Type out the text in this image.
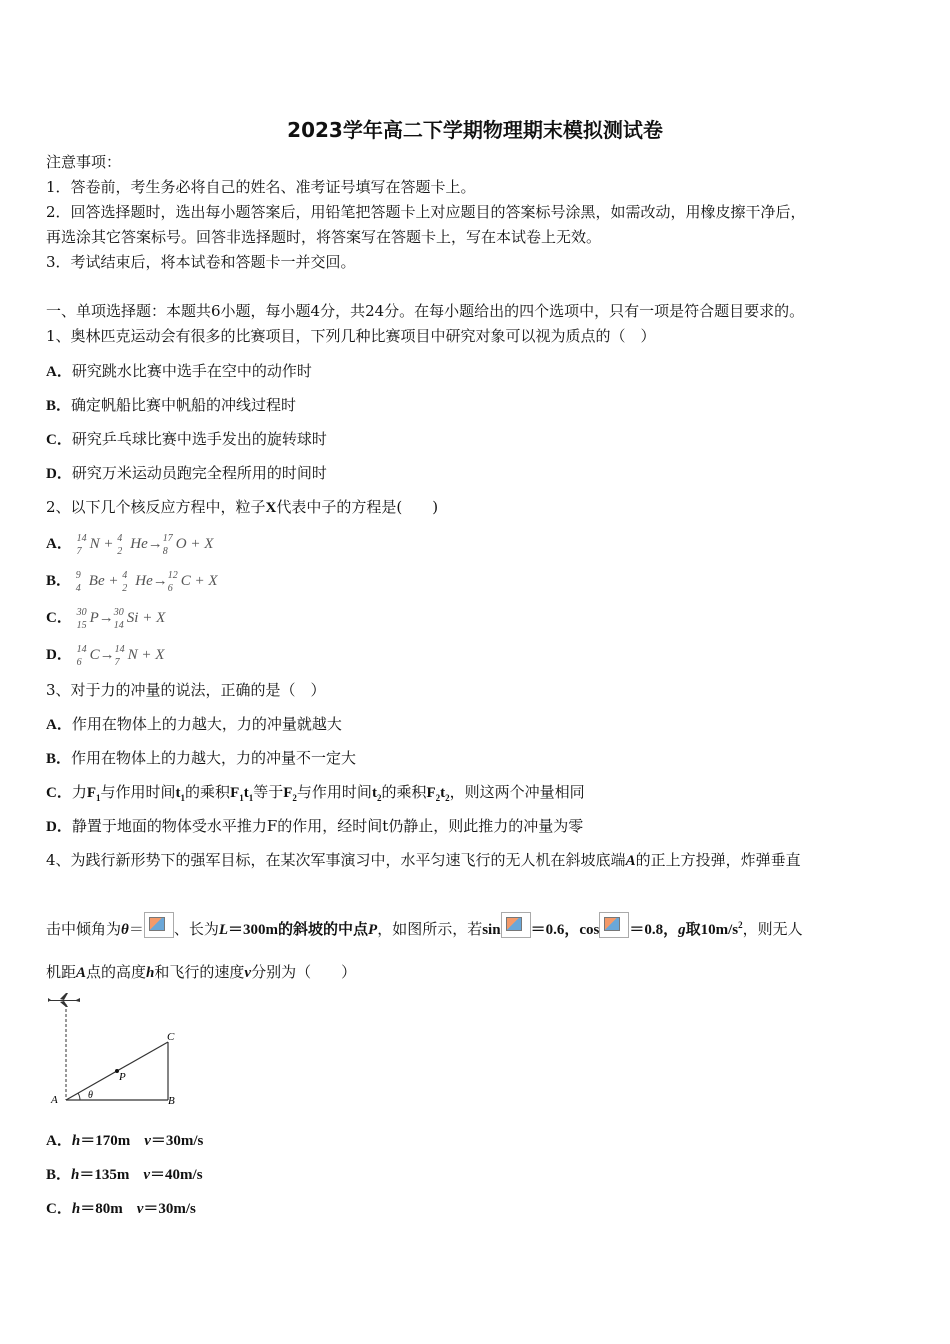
2023学年高二下学期物理期末模拟测试卷
注意事项：
1．答卷前，考生务必将自己的姓名、准考证号填写在答题卡上。
2．回答选择题时，选出每小题答案后，用铅笔把答题卡上对应题目的答案标号涂黑，如需改动，用橡皮擦干净后，
再选涂其它答案标号。回答非选择题时，将答案写在答题卡上，写在本试卷上无效。
3．考试结束后，将本试卷和答题卡一并交回。
一、单项选择题：本题共6小题，每小题4分，共24分。在每小题给出的四个选项中，只有一项是符合题目要求的。
1、奥林匹克运动会有很多的比赛项目，下列几种比赛项目中研究对象可以视为质点的（　）
A．研究跳水比赛中选手在空中的动作时
B．确定帆船比赛中帆船的冲线过程时
C．研究乒乓球比赛中选手发出的旋转球时
D．研究万米运动员跑完全程所用的时间时
2、以下几个核反应方程中，粒子X代表中子的方程是(　　)
A． 14
7 N + 4
2 He→ 17
8 O + X
B． 9
4 Be + 4
2 He→ 12
6 C + X
C． 30
15 P→ 30
14 Si + X
D． 14
6 C→ 14
7 N + X
3、对于力的冲量的说法，正确的是（　）
A．作用在物体上的力越大，力的冲量就越大
B．作用在物体上的力越大，力的冲量不一定大
C．力$F_1$与作用时间$t_1$的乘积$F_1t_1$等于$F_2$与作用时间$t_2$的乘积$F_2t_2$，则这两个冲量相同
D．静置于地面的物体受水平推力F的作用，经时间t仍静止，则此推力的冲量为零
4、为践行新形势下的强军目标，在某次军事演习中，水平匀速飞行的无人机在斜坡底端A的正上方投弹，炸弹垂直
击中倾角为θ＝ 、长为L＝300m的斜坡的中点P，如图所示，若sin ＝0.6，cos ＝0.8，g取$10m/s^2$，则无人
机距A点的高度h和飞行的速度v分别为（　　）
A	B
C
P
θ
A．h＝170m v＝30m/s
B．h＝135m v＝40m/s
C．h＝80m v＝30m/s
